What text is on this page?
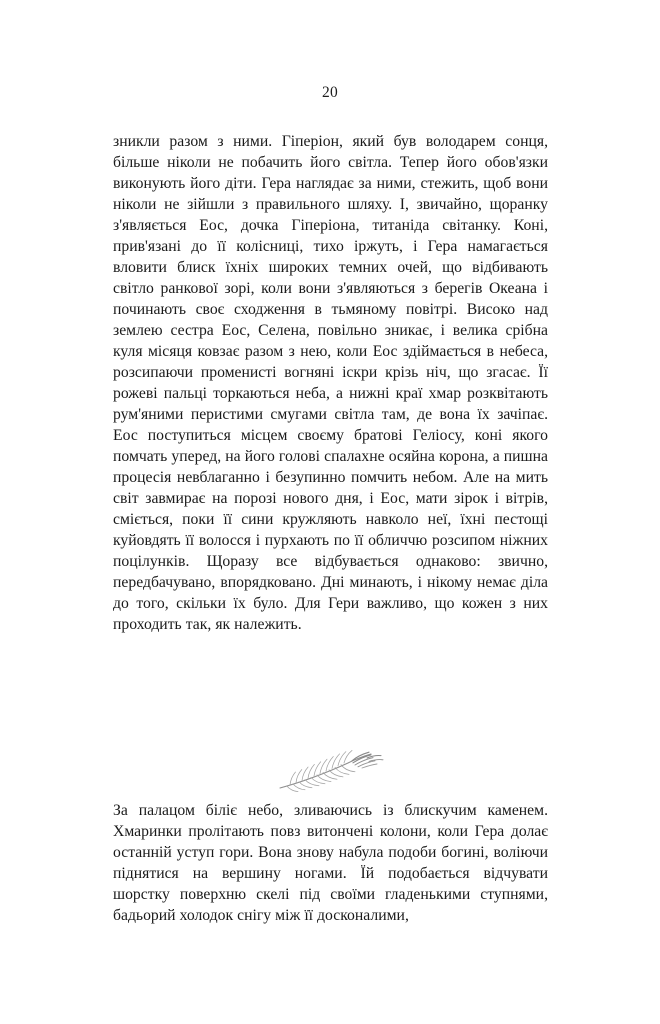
20

зникли разом з ними. Гіперіон, який був володарем сонця, більше ніколи не побачить його світла. Тепер його обов'язки виконують його діти. Гера наглядає за ними, стежить, щоб вони ніколи не зійшли з правильного шляху. І, звичайно, щоранку з'являється Еос, дочка Гіперіона, титаніда світанку. Коні, прив'язані до її колісниці, тихо іржуть, і Гера намагається вловити блиск їхніх широких темних очей, що відбивають світло ранкової зорі, коли вони з'являються з берегів Океана і починають своє сходження в тьмяному повітрі. Високо над землею сестра Еос, Селена, повільно зникає, і велика срібна куля місяця ковзає разом з нею, коли Еос здіймається в небеса, розсипаючи променисті вогняні іскри крізь ніч, що згасає. Її рожеві пальці торкаються неба, а нижні краї хмар розквітають рум'яними перистими смугами світла там, де вона їх зачіпає. Еос поступиться місцем своєму братові Геліосу, коні якого помчать уперед, на його голові спалахне осяйна корона, а пишна процесія невблаганно і безупинно помчить небом. Але на мить світ завмирає на порозі нового дня, і Еос, мати зірок і вітрів, сміється, поки її сини кружляють навколо неї, їхні пестощі куйовдять її волосся і пурхають по її обличчю розсипом ніжних поцілунків. Щоразу все відбувається однаково: звично, передбачувано, впорядковано. Дні минають, і нікому немає діла до того, скільки їх було. Для Гери важливо, що кожен з них проходить так, як належить.

За палацом біліє небо, зливаючись із блискучим каменем. Хмаринки пролітають повз витончені колони, коли Гера долає останній уступ гори. Вона знову набула подоби богині, воліючи піднятися на вершину ногами. Їй подобається відчувати шорстку поверхню скелі під своїми гладенькими ступнями, бадьорий холодок снігу між її досконалими,
